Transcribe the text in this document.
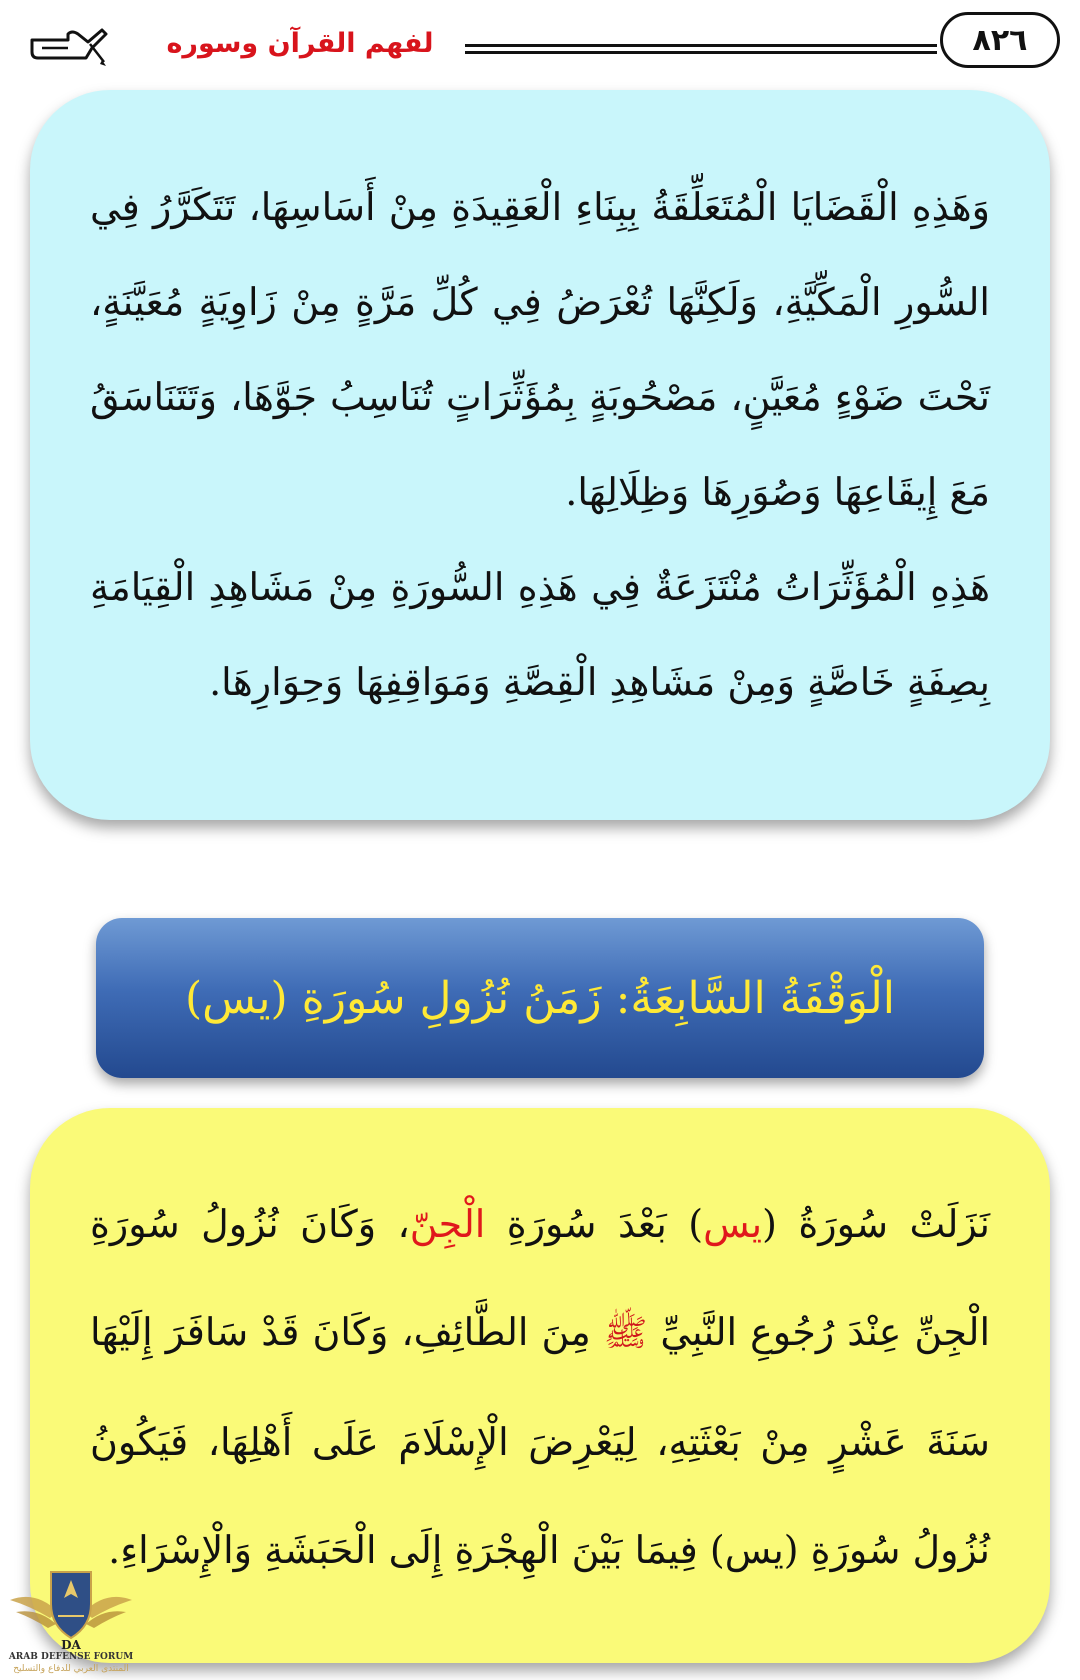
لفهم القرآن وسوره	٨٢٦

وَهَذِهِ الْقَضَايَا الْمُتَعَلِّقَةُ بِبِنَاءِ الْعَقِيدَةِ مِنْ أَسَاسِهَا، تَتَكَرَّرُ فِي السُّورِ الْمَكِّيَّةِ، وَلَكِنَّهَا تُعْرَضُ فِي كُلِّ مَرَّةٍ مِنْ زَاوِيَةٍ مُعَيَّنَةٍ، تَحْتَ ضَوْءٍ مُعَيَّنٍ، مَصْحُوبَةٍ بِمُؤَثِّرَاتٍ تُنَاسِبُ جَوَّهَا، وَتَتَنَاسَقُ مَعَ إِيقَاعِهَا وَصُوَرِهَا وَظِلَالِهَا.

هَذِهِ الْمُؤَثِّرَاتُ مُنْتَزَعَةٌ فِي هَذِهِ السُّورَةِ مِنْ مَشَاهِدِ الْقِيَامَةِ بِصِفَةٍ خَاصَّةٍ وَمِنْ مَشَاهِدِ الْقِصَّةِ وَمَوَاقِفِهَا وَحِوَارِهَا.

الْوَقْفَةُ السَّابِعَةُ: زَمَنُ نُزُولِ سُورَةِ (يس)

نَزَلَتْ سُورَةُ (يس) بَعْدَ سُورَةِ الْجِنّ، وَكَانَ نُزُولُ سُورَةِ الْجِنِّ عِنْدَ رُجُوعِ النَّبِيِّ ﷺ مِنَ الطَّائِفِ، وَكَانَ قَدْ سَافَرَ إِلَيْهَا سَنَةَ عَشْرٍ مِنْ بَعْثَتِهِ، لِيَعْرِضَ الْإِسْلَامَ عَلَى أَهْلِهَا، فَيَكُونُ نُزُولُ سُورَةِ (يس) فِيمَا بَيْنَ الْهِجْرَةِ إِلَى الْحَبَشَةِ وَالْإِسْرَاءِ.

DA
ARAB DEFENSE FORUM
المنتدى العربي للدفاع والتسليح
